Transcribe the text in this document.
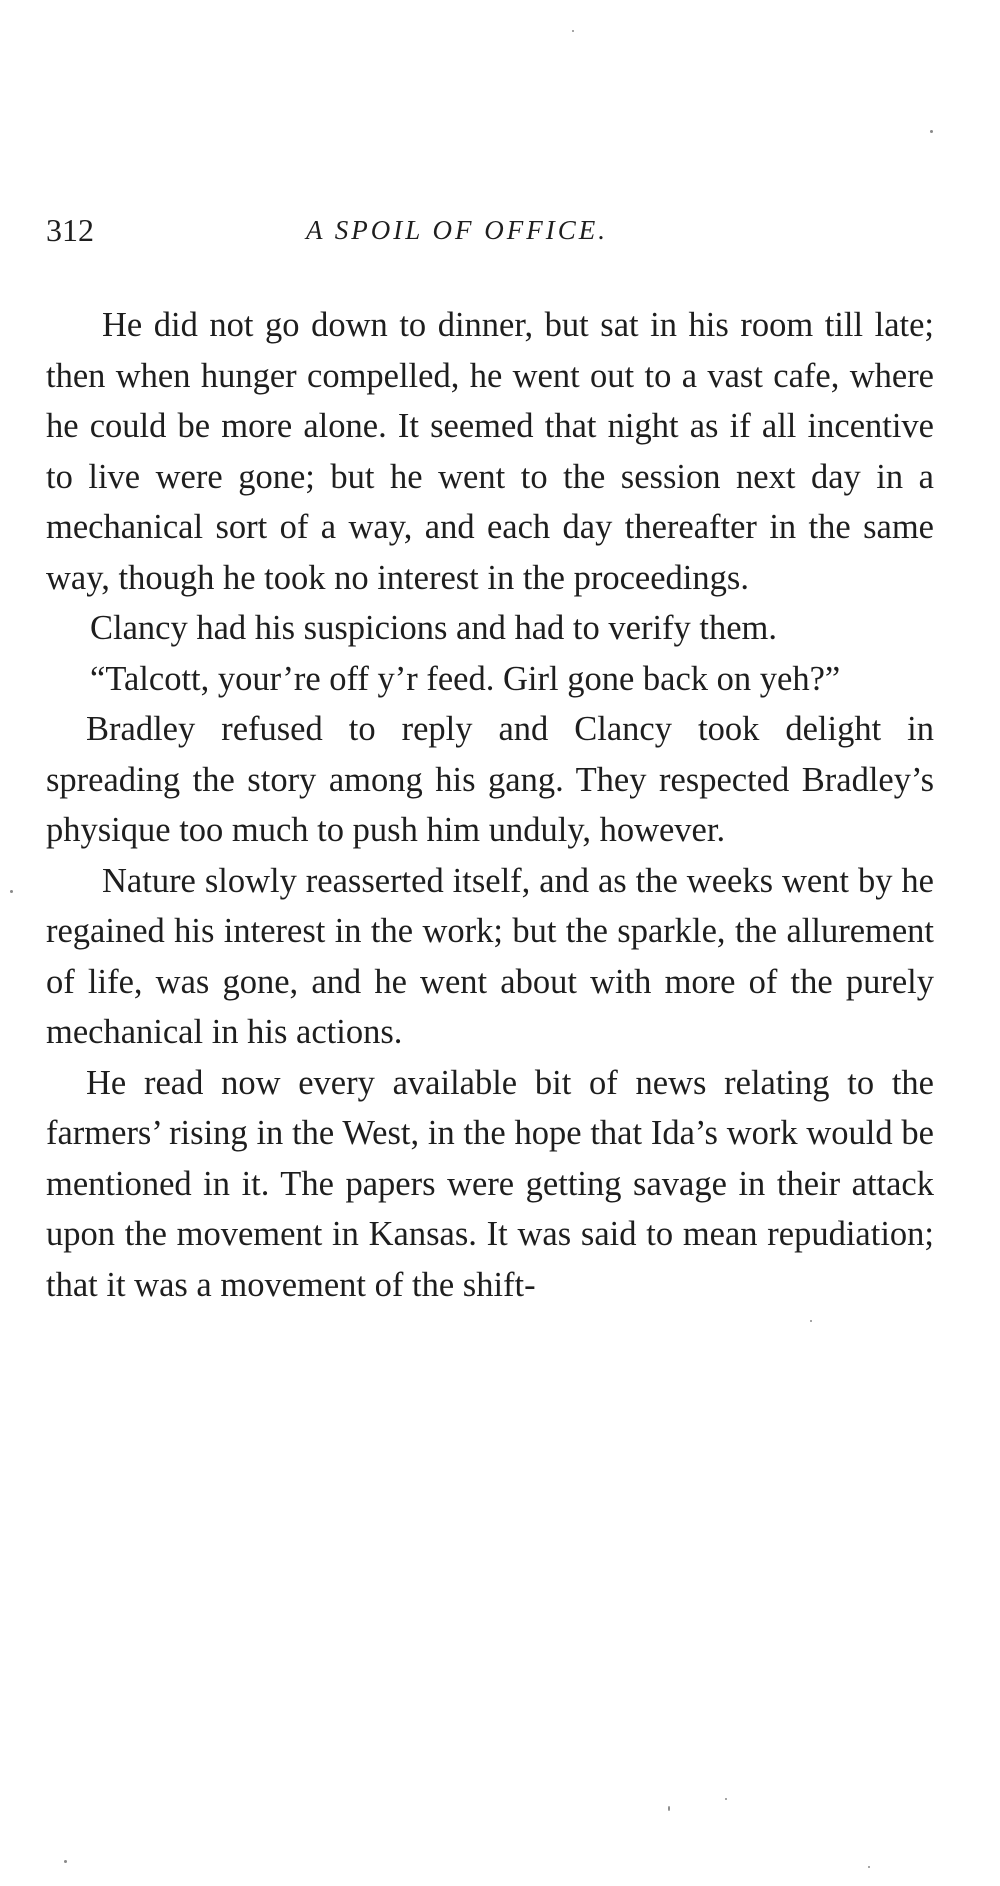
312	A SPOIL OF OFFICE.

He did not go down to dinner, but sat in his room till late; then when hunger compelled, he went out to a vast cafe, where he could be more alone. It seemed that night as if all incentive to live were gone; but he went to the session next day in a mechanical sort of a way, and each day thereafter in the same way, though he took no interest in the proceedings.

Clancy had his suspicions and had to verify them.

“Talcott, your’re off y’r feed. Girl gone back on yeh?”

Bradley refused to reply and Clancy took delight in spreading the story among his gang. They respected Bradley’s physique too much to push him unduly, however.

Nature slowly reasserted itself, and as the weeks went by he regained his interest in the work; but the sparkle, the allurement of life, was gone, and he went about with more of the purely mechanical in his actions.

He read now every available bit of news relating to the farmers’ rising in the West, in the hope that Ida’s work would be mentioned in it. The papers were getting savage in their attack upon the movement in Kansas. It was said to mean repudiation; that it was a movement of the shift-
